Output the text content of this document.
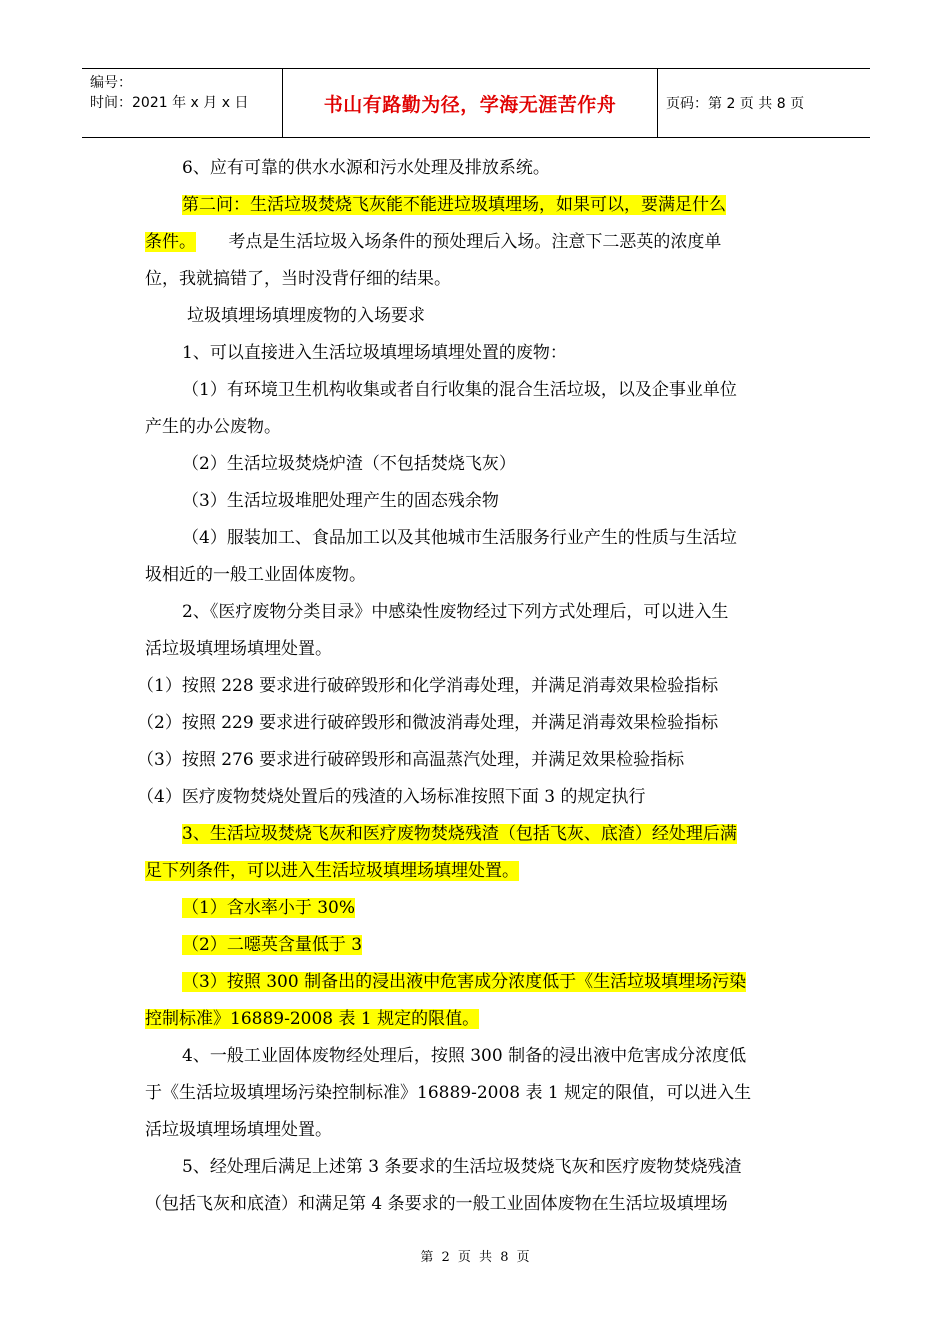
编号：
时间：2021 年 x 月 x 日	书山有路勤为径，学海无涯苦作舟	页码：第 2 页 共 8 页
6、应有可靠的供水水源和污水处理及排放系统。
第二问：生活垃圾焚烧飞灰能不能进垃圾填埋场，如果可以，要满足什么
条件。      考点是生活垃圾入场条件的预处理后入场。注意下二恶英的浓度单
位，我就搞错了，当时没背仔细的结果。
垃圾填埋场填埋废物的入场要求
1、可以直接进入生活垃圾填埋场填埋处置的废物：
（1）有环境卫生机构收集或者自行收集的混合生活垃圾，以及企事业单位
产生的办公废物。
（2）生活垃圾焚烧炉渣（不包括焚烧飞灰）
（3）生活垃圾堆肥处理产生的固态残余物
（4）服装加工、食品加工以及其他城市生活服务行业产生的性质与生活垃
圾相近的一般工业固体废物。
2、《医疗废物分类目录》中感染性废物经过下列方式处理后，可以进入生
活垃圾填埋场填埋处置。
（1）按照 228 要求进行破碎毁形和化学消毒处理，并满足消毒效果检验指标
（2）按照 229 要求进行破碎毁形和微波消毒处理，并满足消毒效果检验指标
（3）按照 276 要求进行破碎毁形和高温蒸汽处理，并满足效果检验指标
（4）医疗废物焚烧处置后的残渣的入场标准按照下面 3 的规定执行
3、生活垃圾焚烧飞灰和医疗废物焚烧残渣（包括飞灰、底渣）经处理后满
足下列条件，可以进入生活垃圾填埋场填埋处置。
（1）含水率小于 30%
（2）二噁英含量低于 3
（3）按照 300 制备出的浸出液中危害成分浓度低于《生活垃圾填埋场污染
控制标准》16889-2008 表 1 规定的限值。
4、一般工业固体废物经处理后，按照 300 制备的浸出液中危害成分浓度低
于《生活垃圾填埋场污染控制标准》16889-2008 表 1 规定的限值，可以进入生
活垃圾填埋场填埋处置。
5、经处理后满足上述第 3 条要求的生活垃圾焚烧飞灰和医疗废物焚烧残渣
（包括飞灰和底渣）和满足第 4 条要求的一般工业固体废物在生活垃圾填埋场
第 2 页 共 8 页
